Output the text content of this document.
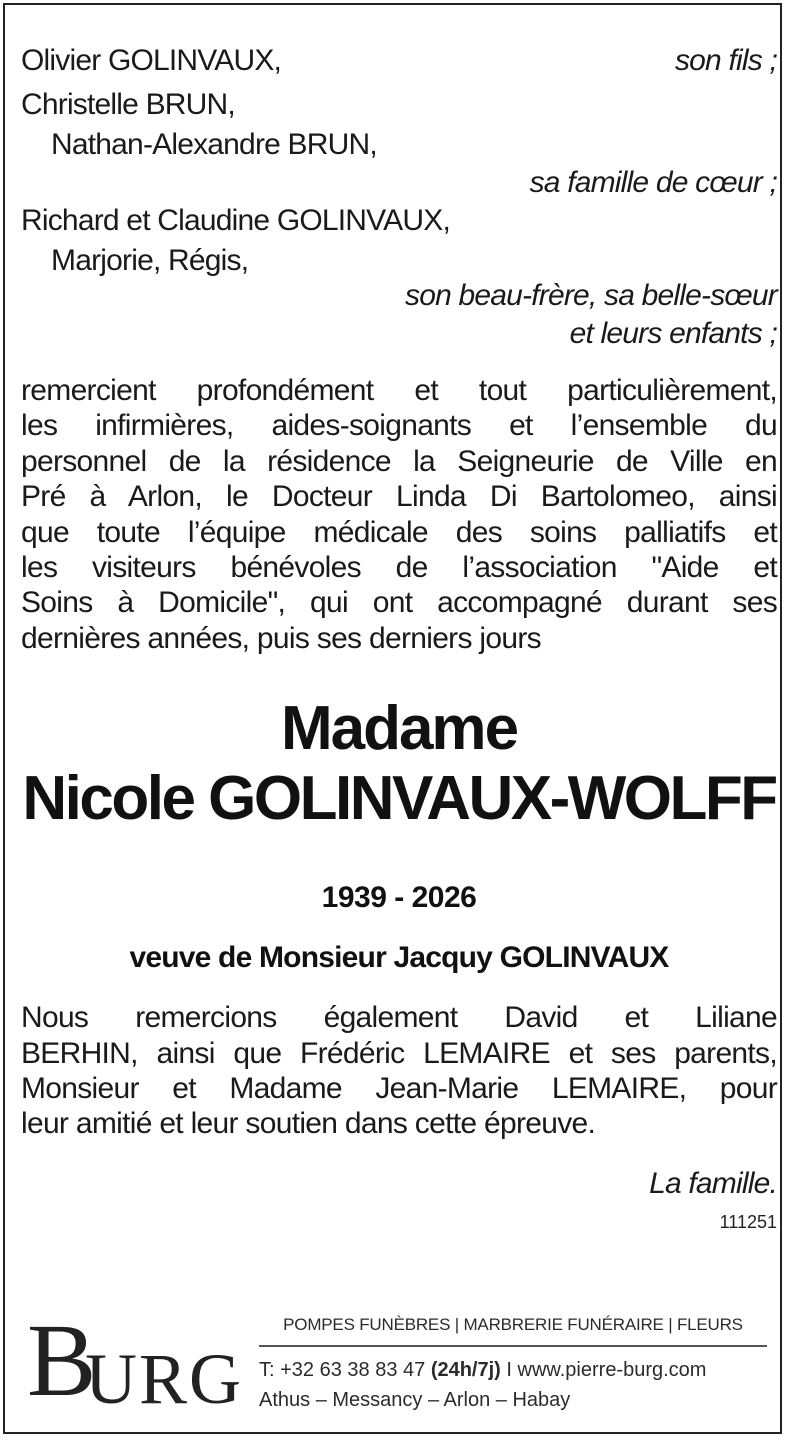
Olivier GOLINVAUX,	son fils ;
Christelle BRUN,
Nathan-Alexandre BRUN,
sa famille de cœur ;
Richard et Claudine GOLINVAUX,
Marjorie, Régis,
son beau-frère, sa belle-sœur
et leurs enfants ;
remercient profondément et tout particulièrement,
les infirmières, aides-soignants et l’ensemble du
personnel de la résidence la Seigneurie de Ville en
Pré à Arlon, le Docteur Linda Di Bartolomeo, ainsi
que toute l’équipe médicale des soins palliatifs et
les visiteurs bénévoles de l’association "Aide et
Soins à Domicile", qui ont accompagné durant ses
dernières années, puis ses derniers jours
Madame
Nicole GOLINVAUX-WOLFF
1939 - 2026
veuve de Monsieur Jacquy GOLINVAUX
Nous remercions également David et Liliane
BERHIN, ainsi que Frédéric LEMAIRE et ses parents,
Monsieur et Madame Jean-Marie LEMAIRE, pour
leur amitié et leur soutien dans cette épreuve.
La famille.
111251
B
URG
POMPES FUNÈBRES | MARBRERIE FUNÉRAIRE | FLEURS
T: +32 63 38 83 47 (24h/7j) I www.pierre-burg.com
Athus – Messancy – Arlon – Habay
